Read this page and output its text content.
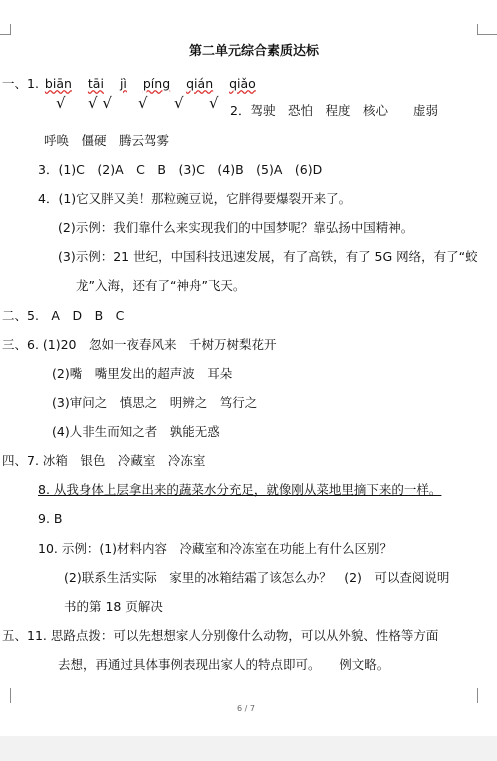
第二单元综合素质达标
一、1. biān tāi jì píng qián qiǎo
√ √ √ √ √ √ 2．驾驶　恐怕　程度　核心　　虚弱
呼唤　僵硬　腾云驾雾
3．(1)C　(2)A　C　B　(3)C　(4)B　(5)A　(6)D
4．(1)它又胖又美！那粒豌豆说，它胖得要爆裂开来了。
(2)示例：我们靠什么来实现我们的中国梦呢？靠弘扬中国精神。
(3)示例：21 世纪，中国科技迅速发展，有了高铁，有了 5G 网络，有了“蛟
龙”入海，还有了“神舟”飞天。
二、5.　A　D　B　C
三、6. (1)20　忽如一夜春风来　千树万树梨花开
(2)嘴　嘴里发出的超声波　耳朵
(3)审问之　慎思之　明辨之　笃行之
(4)人非生而知之者　孰能无惑
四、7. 冰箱　银色　冷藏室　冷冻室
8. 从我身体上层拿出来的蔬菜水分充足，就像刚从菜地里摘下来的一样。
9. B
10. 示例：(1)材料内容　冷藏室和冷冻室在功能上有什么区别？
(2)联系生活实际　家里的冰箱结霜了该怎么办？　(2)　可以查阅说明
书的第 18 页解决
五、11. 思路点拨：可以先想想家人分别像什么动物，可以从外貌、性格等方面
去想，再通过具体事例表现出家人的特点即可。　　例文略。
6 / 7
